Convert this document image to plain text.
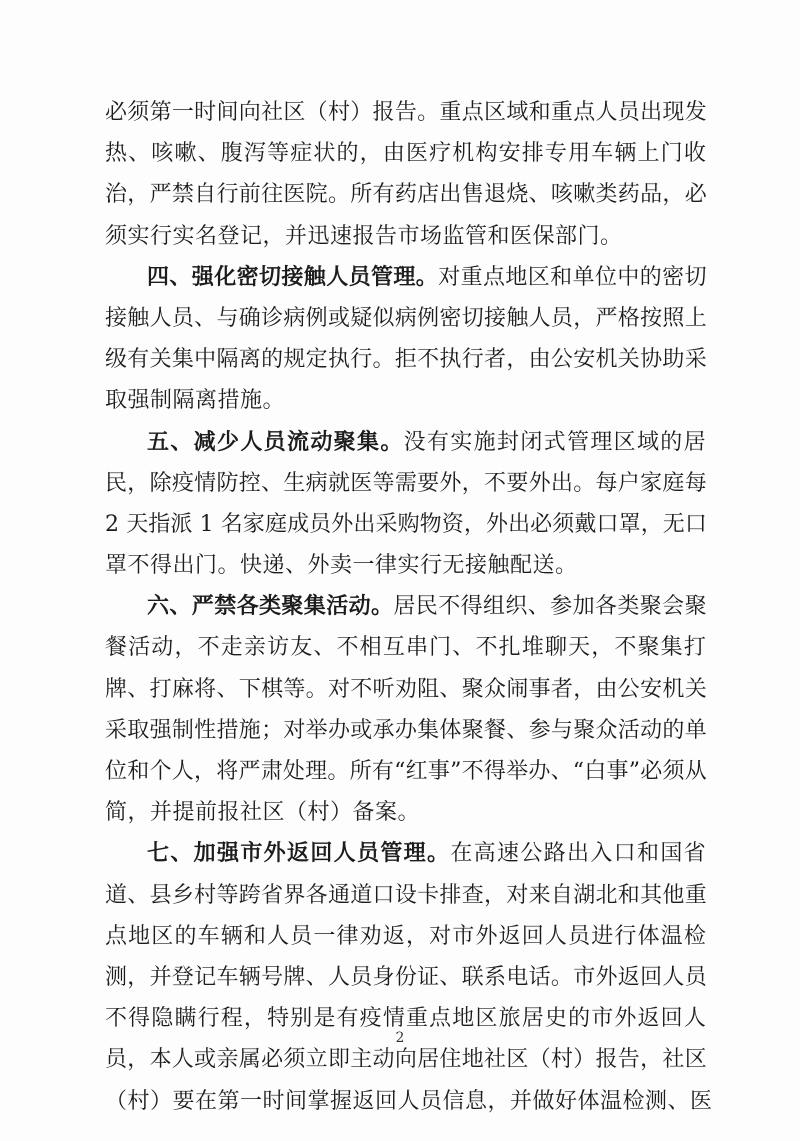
必须第一时间向社区（村）报告。重点区域和重点人员出现发
热、咳嗽、腹泻等症状的，由医疗机构安排专用车辆上门收
治，严禁自行前往医院。所有药店出售退烧、咳嗽类药品，必
须实行实名登记，并迅速报告市场监管和医保部门。
四、强化密切接触人员管理。 对重点地区和单位中的密切
接触人员、与确诊病例或疑似病例密切接触人员，严格按照上
级有关集中隔离的规定执行。拒不执行者，由公安机关协助采
取强制隔离措施。
五、减少人员流动聚集。 没有实施封闭式管理区域的居
民，除疫情防控、生病就医等需要外，不要外出。每户家庭每
2 天指派 1 名家庭成员外出采购物资，外出必须戴口罩，无口
罩不得出门。快递、外卖一律实行无接触配送。
六、严禁各类聚集活动。 居民不得组织、参加各类聚会聚
餐活动，不走亲访友、不相互串门、不扎堆聊天，不聚集打
牌、打麻将、下棋等。对不听劝阻、聚众闹事者，由公安机关
采取强制性措施；对举办或承办集体聚餐、参与聚众活动的单
位和个人，将严肃处理。所有“红事”不得举办、“白事”必须从
简，并提前报社区（村）备案。
七、加强市外返回人员管理。 在高速公路出入口和国省
道、县乡村等跨省界各通道口设卡排查，对来自湖北和其他重
点地区的车辆和人员一律劝返，对市外返回人员进行体温检
测，并登记车辆号牌、人员身份证、联系电话。市外返回人员
不得隐瞒行程，特别是有疫情重点地区旅居史的市外返回人
员，本人或亲属必须立即主动向居住地社区（村）报告，社区
（村）要在第一时间掌握返回人员信息，并做好体温检测、医
2
